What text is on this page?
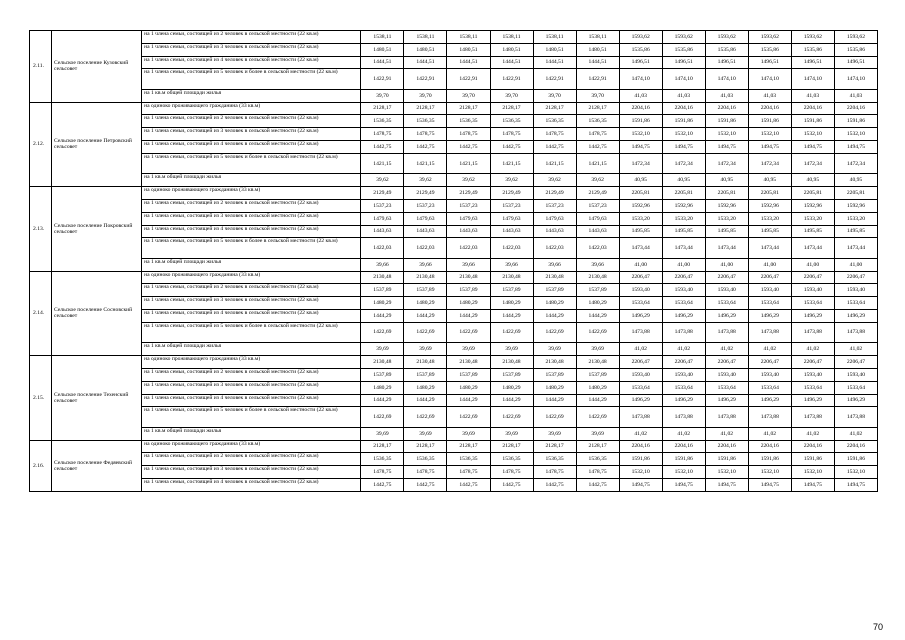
2.11.	Сельское поселение Кузовский сельсовет	на 1 члена семьи, состоящей из 2 человек в сельской местности (22 кв.м)	1538,11	1538,11	1538,11	1538,11	1538,11	1538,11	1593,62	1593,62	1593,62	1593,62	1593,62	1593,62
		на 1 члена семьи, состоящей из 3 человек в сельской местности (22 кв.м)	1480,51	1480,51	1480,51	1480,51	1480,51	1480,51	1535,86	1535,86	1535,86	1535,86	1535,86	1535,86
		на 1 члена семьи, состоящей из 4 человек в сельской местности (22 кв.м)	1444,51	1444,51	1444,51	1444,51	1444,51	1444,51	1496,51	1496,51	1496,51	1496,51	1496,51	1496,51
		на 1 члена семьи, состоящей из 5 человек и более в сельской местности (22 кв.м)	1422,91	1422,91	1422,91	1422,91	1422,91	1422,91	1474,10	1474,10	1474,10	1474,10	1474,10	1474,10
		на 1 кв.м общей площади жилья	39,70	39,70	39,70	39,70	39,70	39,70	41,03	41,03	41,03	41,03	41,03	41,03
2.12.	Сельское поселение Петровский сельсовет	на одиноко проживающего гражданина (33 кв.м)	2128,17	2128,17	2128,17	2128,17	2128,17	2128,17	2204,16	2204,16	2204,16	2204,16	2204,16	2204,16
		на 1 члена семьи, состоящей из 2 человек в сельской местности (22 кв.м)	1536,35	1536,35	1536,35	1536,35	1536,35	1536,35	1591,86	1591,86	1591,86	1591,86	1591,86	1591,86
		на 1 члена семьи, состоящей из 3 человек в сельской местности (22 кв.м)	1478,75	1478,75	1478,75	1478,75	1478,75	1478,75	1532,10	1532,10	1532,10	1532,10	1532,10	1532,10
		на 1 члена семьи, состоящей из 4 человек в сельской местности (22 кв.м)	1442,75	1442,75	1442,75	1442,75	1442,75	1442,75	1494,75	1494,75	1494,75	1494,75	1494,75	1494,75
		на 1 члена семьи, состоящей из 5 человек и более в сельской местности (22 кв.м)	1421,15	1421,15	1421,15	1421,15	1421,15	1421,15	1472,34	1472,34	1472,34	1472,34	1472,34	1472,34
		на 1 кв.м общей площади жилья	39,62	39,62	39,62	39,62	39,62	39,62	40,95	40,95	40,95	40,95	40,95	40,95
2.13.	Сельское поселение Покровский сельсовет	на одиноко проживающего гражданина (33 кв.м)	2129,49	2129,49	2129,49	2129,49	2129,49	2129,49	2205,81	2205,81	2205,81	2205,81	2205,81	2205,81
		на 1 члена семьи, состоящей из 2 человек в сельской местности (22 кв.м)	1537,23	1537,23	1537,23	1537,23	1537,23	1537,23	1592,96	1592,96	1592,96	1592,96	1592,96	1592,96
		на 1 члена семьи, состоящей из 3 человек в сельской местности (22 кв.м)	1479,63	1479,63	1479,63	1479,63	1479,63	1479,63	1533,20	1533,20	1533,20	1533,20	1533,20	1533,20
		на 1 члена семьи, состоящей из 4 человек в сельской местности (22 кв.м)	1443,63	1443,63	1443,63	1443,63	1443,63	1443,63	1495,85	1495,85	1495,85	1495,85	1495,85	1495,85
		на 1 члена семьи, состоящей из 5 человек и более в сельской местности (22 кв.м)	1422,03	1422,03	1422,03	1422,03	1422,03	1422,03	1473,44	1473,44	1473,44	1473,44	1473,44	1473,44
		на 1 кв.м общей площади жилья	39,66	39,66	39,66	39,66	39,66	39,66	41,00	41,00	41,00	41,00	41,00	41,00
2.14.	Сельское поселение Сосновский сельсовет	на одиноко проживающего гражданина (33 кв.м)	2130,48	2130,48	2130,48	2130,48	2130,48	2130,48	2206,47	2206,47	2206,47	2206,47	2206,47	2206,47
		на 1 члена семьи, состоящей из 2 человек в сельской местности (22 кв.м)	1537,89	1537,89	1537,89	1537,89	1537,89	1537,89	1593,40	1593,40	1593,40	1593,40	1593,40	1593,40
		на 1 члена семьи, состоящей из 3 человек в сельской местности (22 кв.м)	1480,29	1480,29	1480,29	1480,29	1480,29	1480,29	1533,64	1533,64	1533,64	1533,64	1533,64	1533,64
		на 1 члена семьи, состоящей из 4 человек в сельской местности (22 кв.м)	1444,29	1444,29	1444,29	1444,29	1444,29	1444,29	1496,29	1496,29	1496,29	1496,29	1496,29	1496,29
		на 1 члена семьи, состоящей из 5 человек и более в сельской местности (22 кв.м)	1422,69	1422,69	1422,69	1422,69	1422,69	1422,69	1473,88	1473,88	1473,88	1473,88	1473,88	1473,88
		на 1 кв.м общей площади жилья	39,69	39,69	39,69	39,69	39,69	39,69	41,02	41,02	41,02	41,02	41,02	41,02
2.15.	Сельское поселение Техенский сельсовет	на одиноко проживающего гражданина (33 кв.м)	2130,48	2130,48	2130,48	2130,48	2130,48	2130,48	2206,47	2206,47	2206,47	2206,47	2206,47	2206,47
		на 1 члена семьи, состоящей из 2 человек в сельской местности (22 кв.м)	1537,89	1537,89	1537,89	1537,89	1537,89	1537,89	1593,40	1593,40	1593,40	1593,40	1593,40	1593,40
		на 1 члена семьи, состоящей из 3 человек в сельской местности (22 кв.м)	1480,29	1480,29	1480,29	1480,29	1480,29	1480,29	1533,64	1533,64	1533,64	1533,64	1533,64	1533,64
		на 1 члена семьи, состоящей из 4 человек в сельской местности (22 кв.м)	1444,29	1444,29	1444,29	1444,29	1444,29	1444,29	1496,29	1496,29	1496,29	1496,29	1496,29	1496,29
		на 1 члена семьи, состоящей из 5 человек и более в сельской местности (22 кв.м)	1422,69	1422,69	1422,69	1422,69	1422,69	1422,69	1473,88	1473,88	1473,88	1473,88	1473,88	1473,88
		на 1 кв.м общей площади жилья	39,69	39,69	39,69	39,69	39,69	39,69	41,02	41,02	41,02	41,02	41,02	41,02
2.16.	Сельское поселение Федяевский сельсовет	на одиноко проживающего гражданина (33 кв.м)	2128,17	2128,17	2128,17	2128,17	2128,17	2128,17	2204,16	2204,16	2204,16	2204,16	2204,16	2204,16
		на 1 члена семьи, состоящей из 2 человек в сельской местности (22 кв.м)	1536,35	1536,35	1536,35	1536,35	1536,35	1536,35	1591,86	1591,86	1591,86	1591,86	1591,86	1591,86
		на 1 члена семьи, состоящей из 3 человек в сельской местности (22 кв.м)	1478,75	1478,75	1478,75	1478,75	1478,75	1478,75	1532,10	1532,10	1532,10	1532,10	1532,10	1532,10
		на 1 члена семьи, состоящей из 4 человек в сельской местности (22 кв.м)	1442,75	1442,75	1442,75	1442,75	1442,75	1442,75	1494,75	1494,75	1494,75	1494,75	1494,75	1494,75
70
